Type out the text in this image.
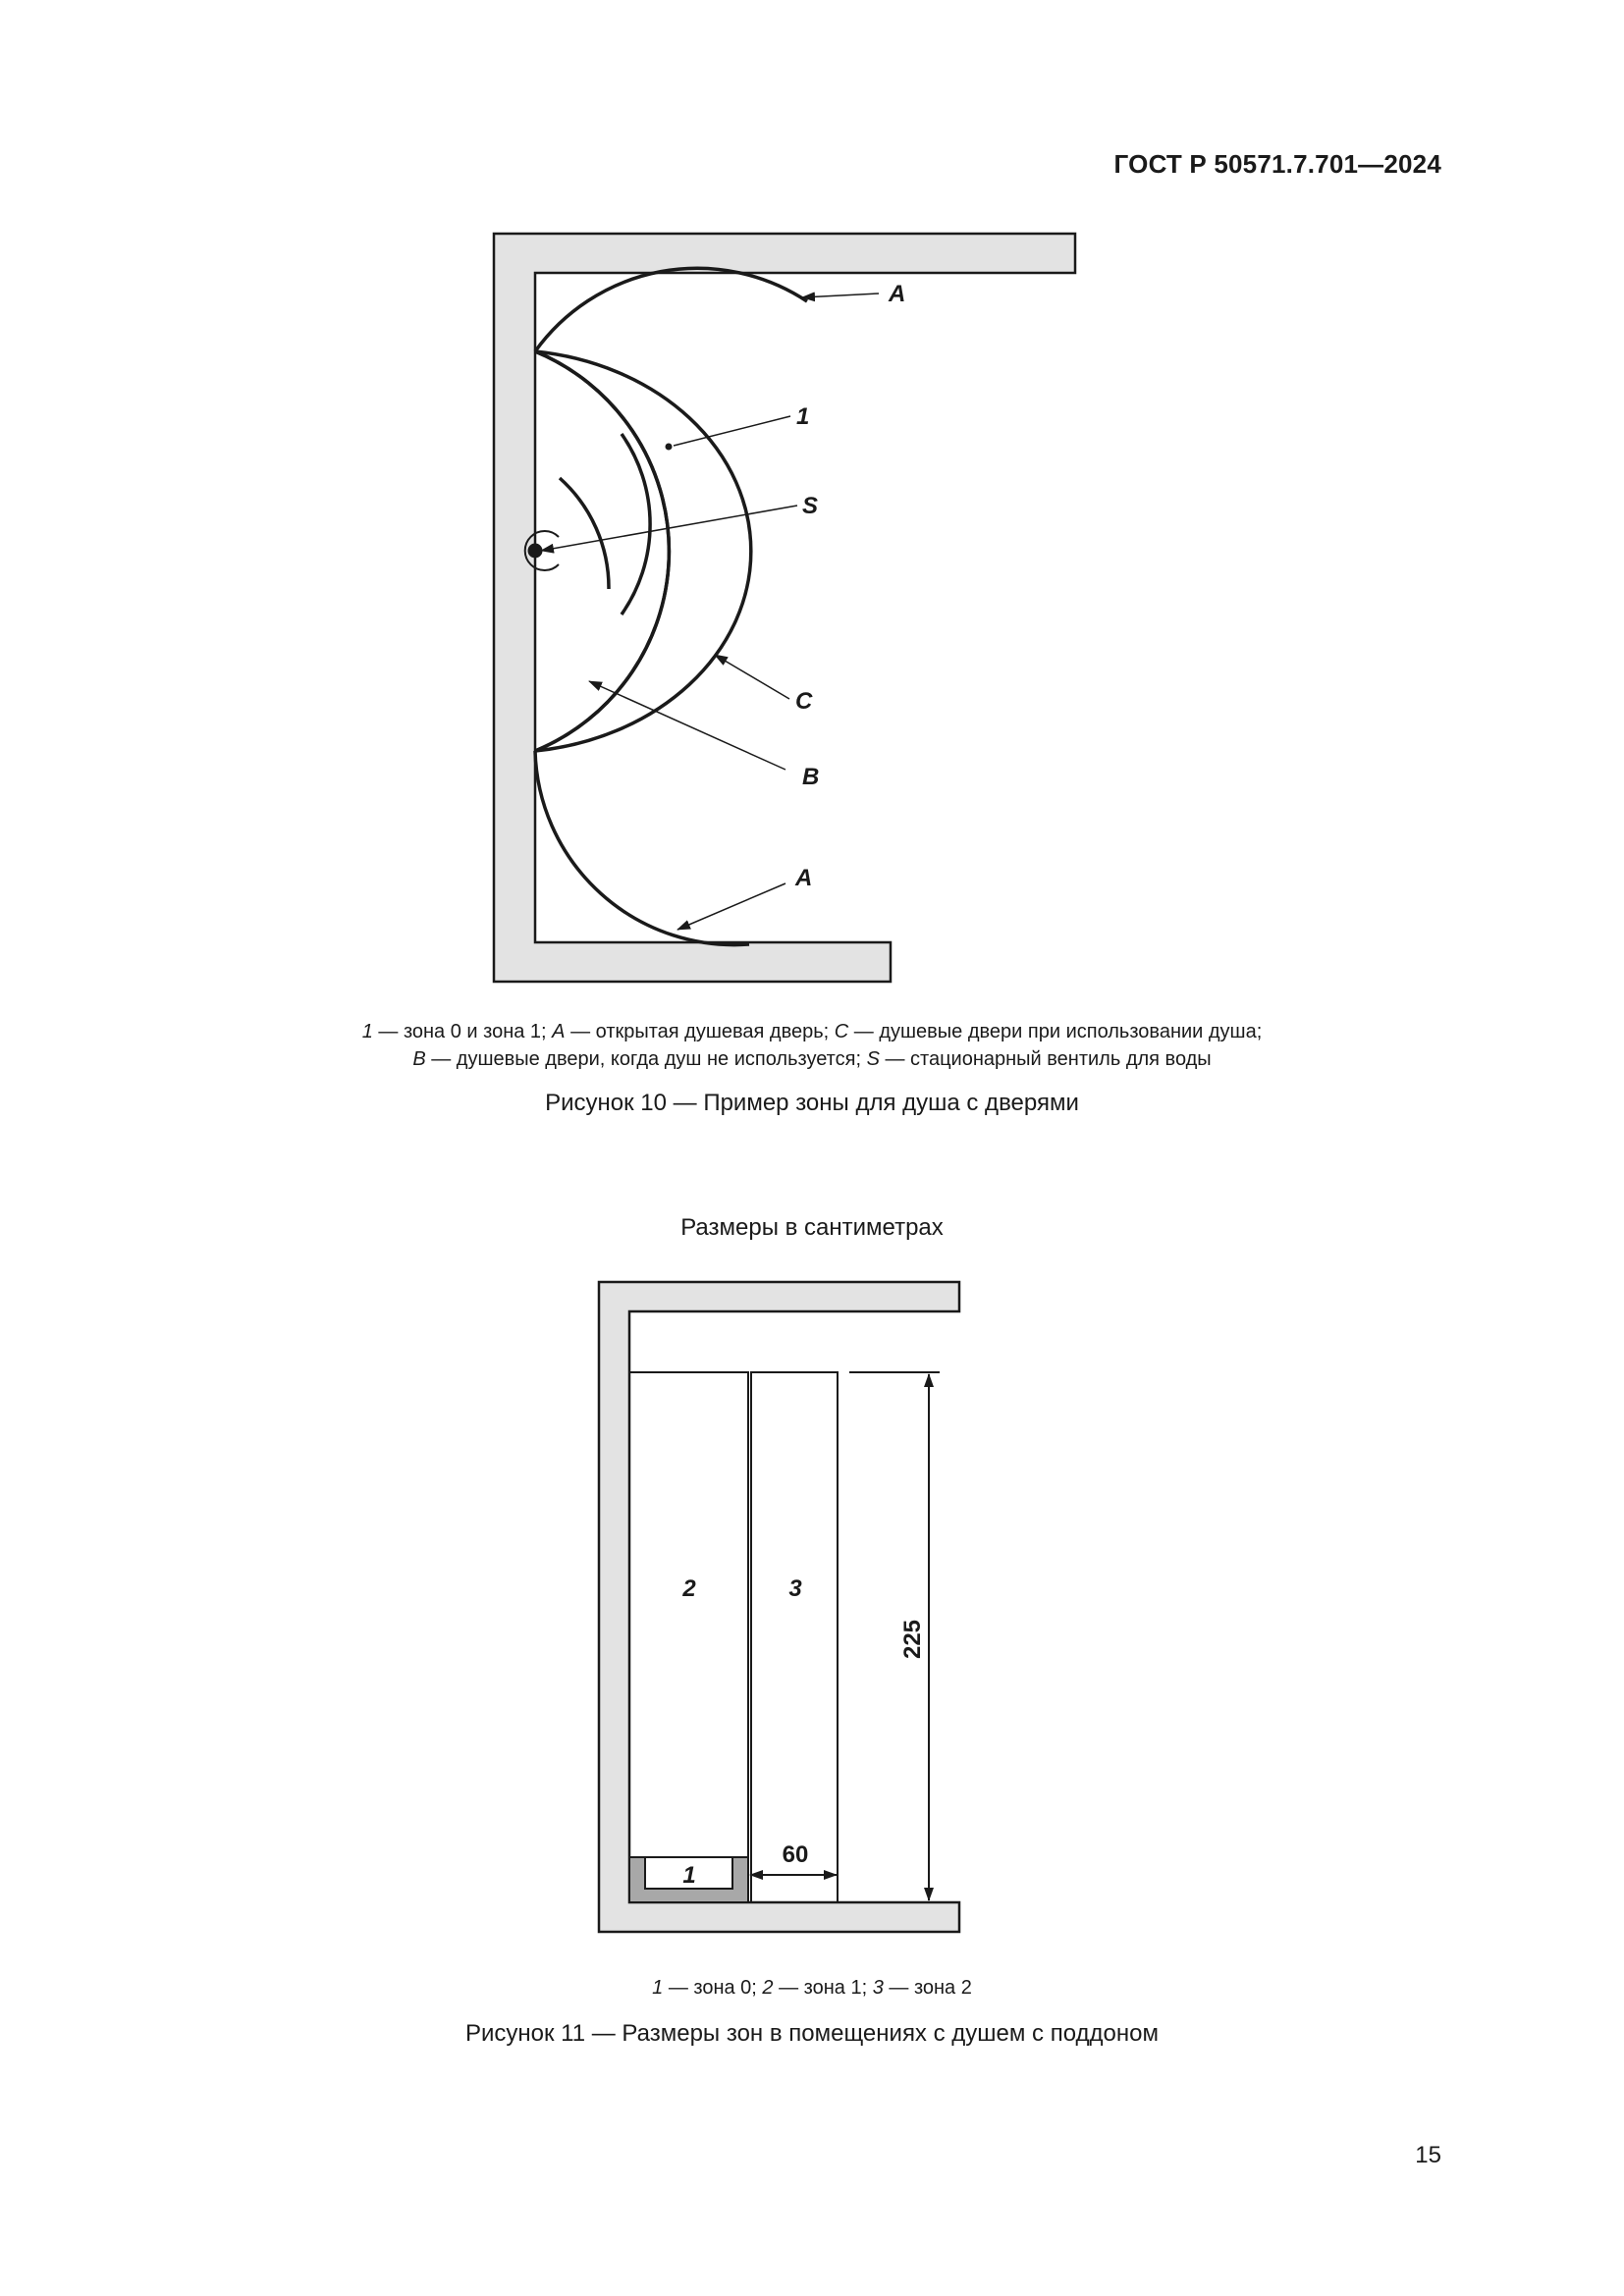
ГОСТ Р 50571.7.701—2024
A
1
S
C
B
A
1 — зона 0 и зона 1; A — открытая душевая дверь; C — душевые двери при использовании душа;
B — душевые двери, когда душ не используется; S — стационарный вентиль для воды
Рисунок 10 — Пример зоны для душа с дверями
Размеры в сантиметрах
2	3
1
225
60
1 — зона 0; 2 — зона 1; 3 — зона 2
Рисунок 11 — Размеры зон в помещениях с душем с поддоном
15
